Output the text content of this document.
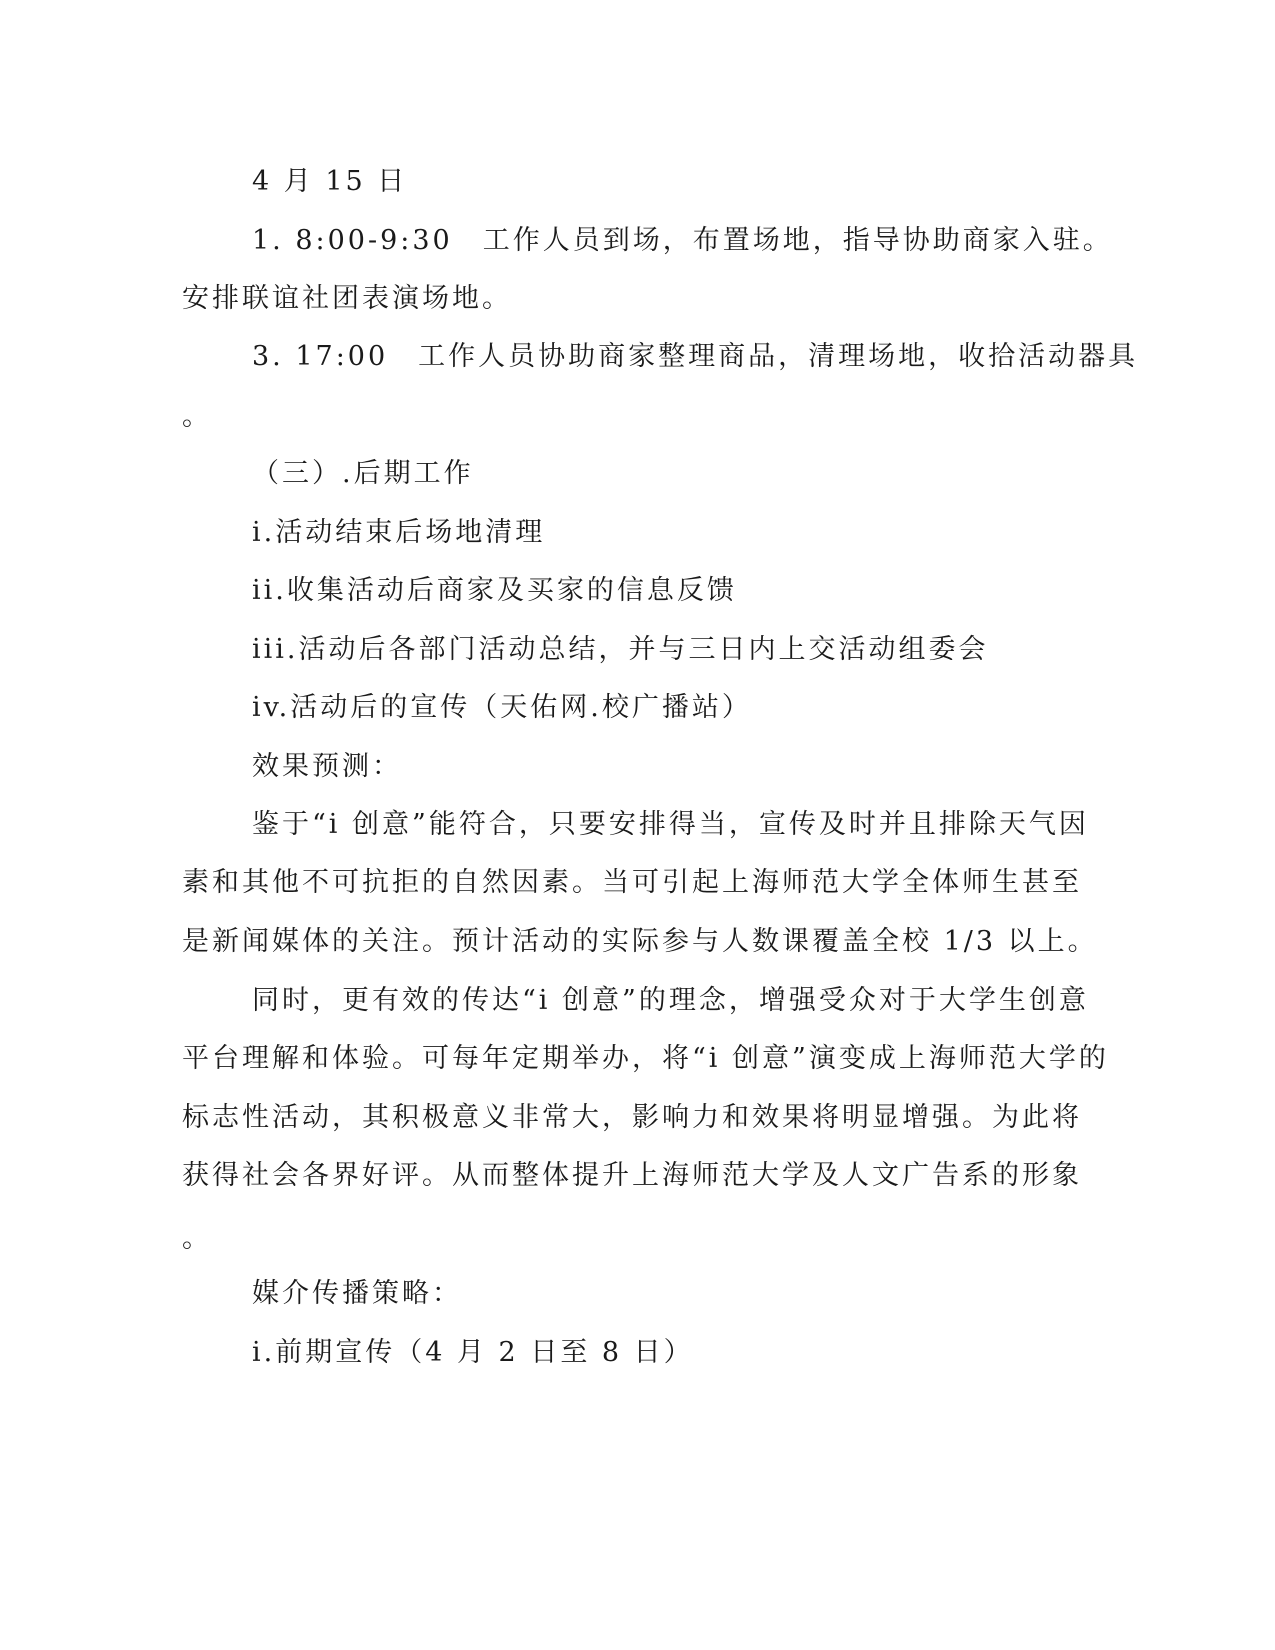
4 月 15 日
1. 8:00-9:30　工作人员到场，布置场地，指导协助商家入驻。
安排联谊社团表演场地。
3. 17:00　工作人员协助商家整理商品，清理场地，收拾活动器具
。
（三）.后期工作
i.活动结束后场地清理
ii.收集活动后商家及买家的信息反馈
iii.活动后各部门活动总结，并与三日内上交活动组委会
iv.活动后的宣传（天佑网.校广播站）
效果预测：
鉴于“i 创意”能符合，只要安排得当，宣传及时并且排除天气因
素和其他不可抗拒的自然因素。当可引起上海师范大学全体师生甚至
是新闻媒体的关注。预计活动的实际参与人数课覆盖全校 1/3 以上。
同时，更有效的传达“i 创意”的理念，增强受众对于大学生创意
平台理解和体验。可每年定期举办，将“i 创意”演变成上海师范大学的
标志性活动，其积极意义非常大，影响力和效果将明显增强。为此将
获得社会各界好评。从而整体提升上海师范大学及人文广告系的形象
。
媒介传播策略：
i.前期宣传（4 月 2 日至 8 日）
